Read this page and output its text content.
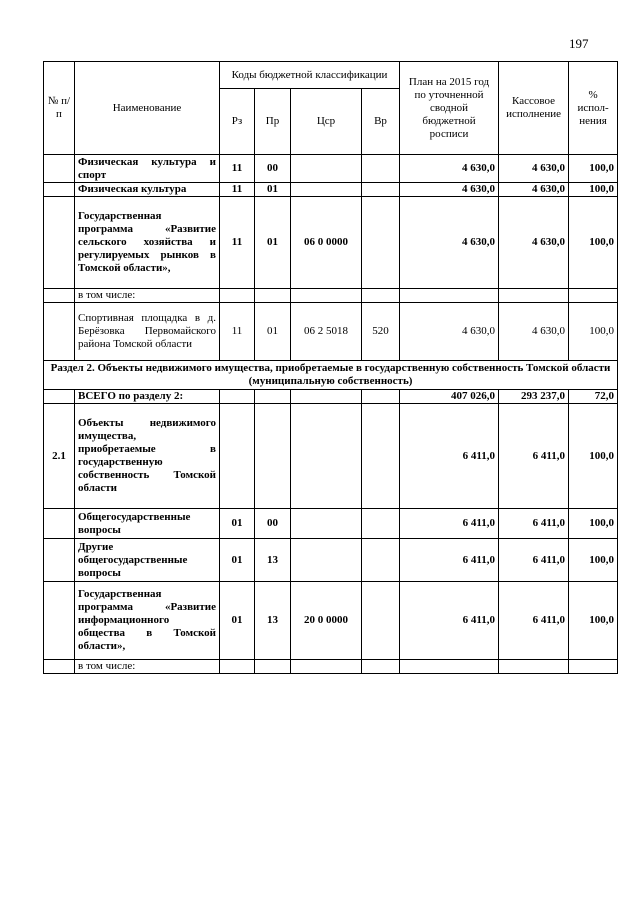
197
№ п/п	Наименование	Коды бюджетной классификации				План на 2015 год по уточненной сводной бюджетной росписи	Кассовое исполнение	% испол-нения
		Рз	Пр	Цср	Вр			
	Физическая культура и спорт	11	00			4 630,0	4 630,0	100,0
	Физическая культура	11	01			4 630,0	4 630,0	100,0
	Государственная программа «Развитие сельского хозяйства и регулируемых рынков в Томской области»,	11	01	06 0 0000		4 630,0	4 630,0	100,0
	в том числе:							
	Спортивная площадка в д. Берёзовка Первомайского района Томской области	11	01	06 2 5018	520	4 630,0	4 630,0	100,0
Раздел 2. Объекты недвижимого имущества, приобретаемые в государственную собственность Томской области (муниципальную собственность)								
	ВСЕГО по разделу 2:					407 026,0	293 237,0	72,0
2.1	Объекты недвижимого имущества, приобретаемые в государственную собственность Томской области					6 411,0	6 411,0	100,0
	Общегосударственные вопросы	01	00			6 411,0	6 411,0	100,0
	Другие общегосударственные вопросы	01	13			6 411,0	6 411,0	100,0
	Государственная программа «Развитие информационного общества в Томской области»,	01	13	20 0 0000		6 411,0	6 411,0	100,0
	в том числе:							
